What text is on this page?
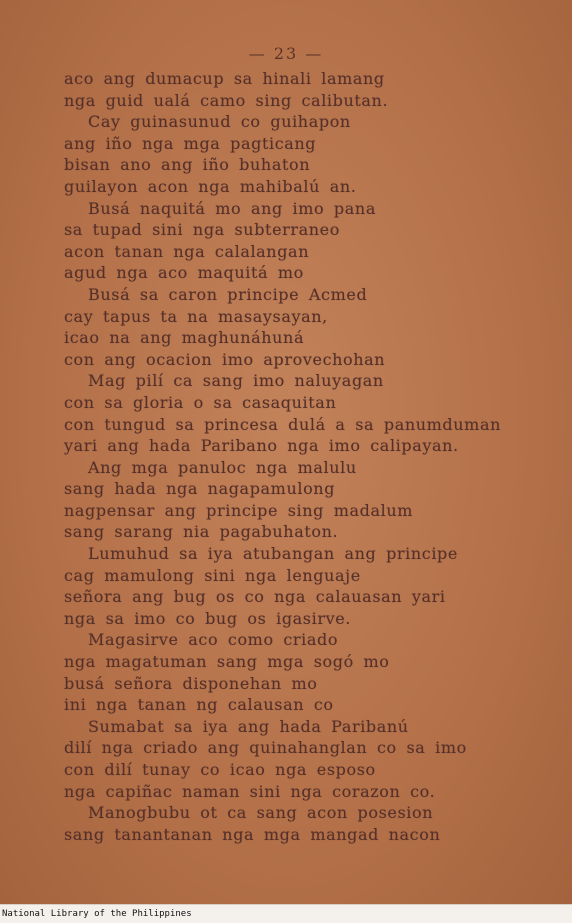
— 23 —
aco ang dumacup sa hinali lamang
nga guid ualá camo sing calibutan.
Cay guinasunud co guihapon
ang iño nga mga pagticang
bisan ano ang iño buhaton
guilayon acon nga mahibalú an.
Busá naquitá mo ang imo pana
sa tupad sini nga subterraneo
acon tanan nga calalangan
agud nga aco maquitá mo
Busá sa caron principe Acmed
cay tapus ta na masaysayan,
icao na ang maghunáhuná
con ang ocacion imo aprovechohan
Mag pilí ca sang imo naluyagan
con sa gloria o sa casaquitan
con tungud sa princesa dulá a sa panumduman
yari ang hada Paribano nga imo calipayan.
Ang mga panuloc nga malulu
sang hada nga nagapamulong
nagpensar ang principe sing madalum
sang sarang nia pagabuhaton.
Lumuhud sa iya atubangan ang principe
cag mamulong sini nga lenguaje
señora ang bug os co nga calauasan yari
nga sa imo co bug os igasirve.
Magasirve aco como criado
nga magatuman sang mga sogó mo
busá señora disponehan mo
ini nga tanan ng calausan co
Sumabat sa iya ang hada Paribanú
dilí nga criado ang quinahanglan co sa imo
con dilí tunay co icao nga esposo
nga capiñac naman sini nga corazon co.
Manogbubu ot ca sang acon posesion
sang tanantanan nga mga mangad nacon
National Library of the Philippines
